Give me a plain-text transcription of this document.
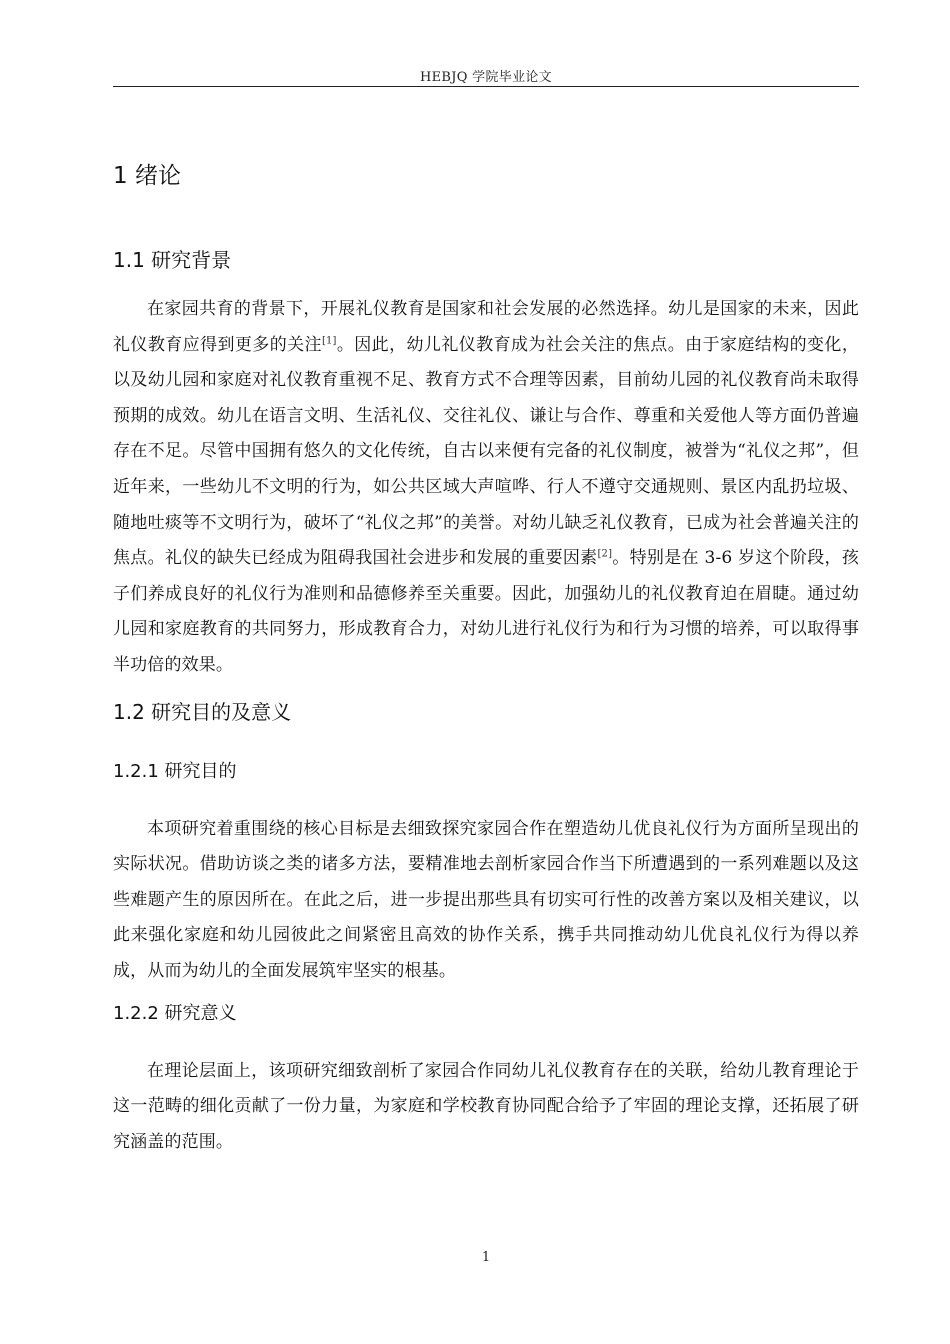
HEBJQ 学院毕业论文
1 绪论
1.1 研究背景

在家园共育的背景下，开展礼仪教育是国家和社会发展的必然选择。幼儿是国家的未来，因此礼仪教育应得到更多的关注[1]。因此，幼儿礼仪教育成为社会关注的焦点。由于家庭结构的变化，以及幼儿园和家庭对礼仪教育重视不足、教育方式不合理等因素，目前幼儿园的礼仪教育尚未取得预期的成效。幼儿在语言文明、生活礼仪、交往礼仪、谦让与合作、尊重和关爱他人等方面仍普遍存在不足。尽管中国拥有悠久的文化传统，自古以来便有完备的礼仪制度，被誉为“礼仪之邦”，但近年来，一些幼儿不文明的行为，如公共区域大声喧哗、行人不遵守交通规则、景区内乱扔垃圾、随地吐痰等不文明行为，破坏了“礼仪之邦”的美誉。对幼儿缺乏礼仪教育，已成为社会普遍关注的焦点。礼仪的缺失已经成为阻碍我国社会进步和发展的重要因素[2]。特别是在 3-6 岁这个阶段，孩子们养成良好的礼仪行为准则和品德修养至关重要。因此，加强幼儿的礼仪教育迫在眉睫。通过幼儿园和家庭教育的共同努力，形成教育合力，对幼儿进行礼仪行为和行为习惯的培养，可以取得事半功倍的效果。

1.2 研究目的及意义
1.2.1 研究目的

本项研究着重围绕的核心目标是去细致探究家园合作在塑造幼儿优良礼仪行为方面所呈现出的实际状况。借助访谈之类的诸多方法，要精准地去剖析家园合作当下所遭遇到的一系列难题以及这些难题产生的原因所在。在此之后，进一步提出那些具有切实可行性的改善方案以及相关建议，以此来强化家庭和幼儿园彼此之间紧密且高效的协作关系，携手共同推动幼儿优良礼仪行为得以养成，从而为幼儿的全面发展筑牢坚实的根基。

1.2.2 研究意义

在理论层面上，该项研究细致剖析了家园合作同幼儿礼仪教育存在的关联，给幼儿教育理论于这一范畴的细化贡献了一份力量，为家庭和学校教育协同配合给予了牢固的理论支撑，还拓展了研究涵盖的范围。

1
